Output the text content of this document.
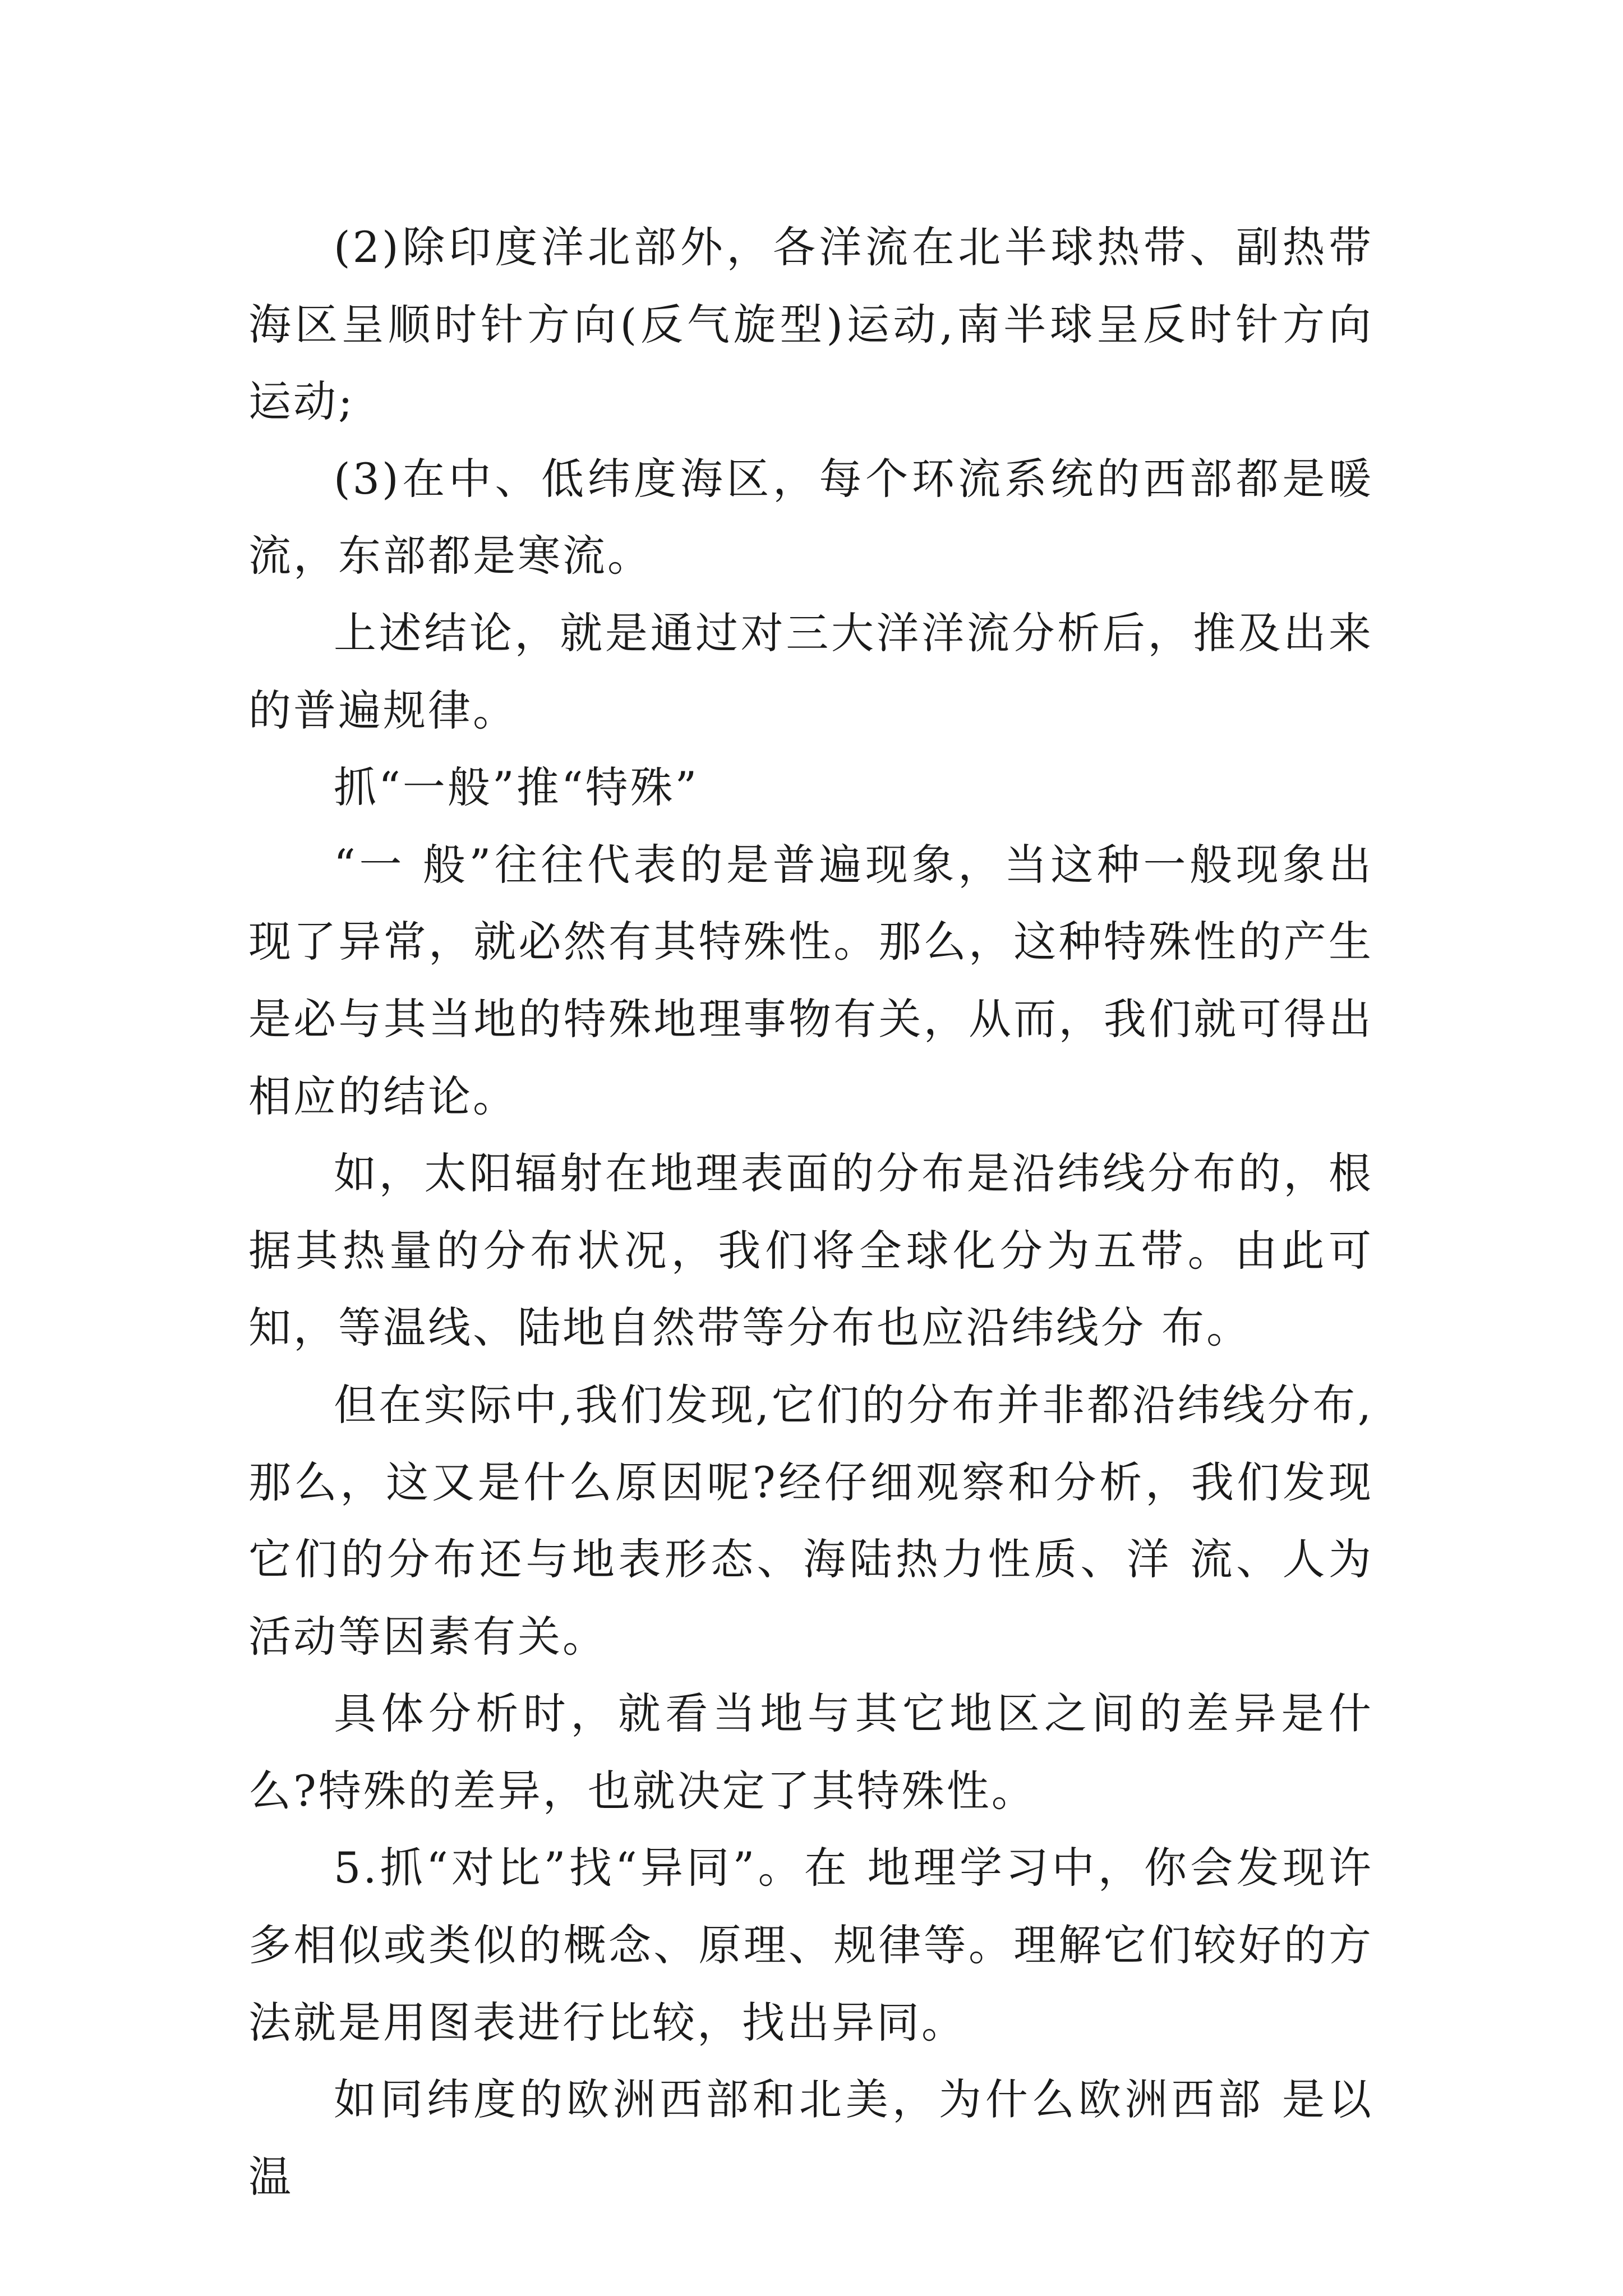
(2)除印度洋北部外，各洋流在北半球热带、副热带海区呈顺时针方向(反气旋型)运动,南半球呈反时针方向运动;

(3)在中、低纬度海区，每个环流系统的西部都是暖流，东部都是寒流。

上述结论，就是通过对三大洋洋流分析后，推及出来的普遍规律。

抓“一般”推“特殊”

“一 般”往往代表的是普遍现象，当这种一般现象出现了异常，就必然有其特殊性。那么，这种特殊性的产生是必与其当地的特殊地理事物有关，从而，我们就可得出相应的结论。

如，太阳辐射在地理表面的分布是沿纬线分布的，根据其热量的分布状况，我们将全球化分为五带。由此可知，等温线、陆地自然带等分布也应沿纬线分 布。

但在实际中,我们发现,它们的分布并非都沿纬线分布,那么，这又是什么原因呢?经仔细观察和分析，我们发现它们的分布还与地表形态、海陆热力性质、洋 流、人为活动等因素有关。

具体分析时，就看当地与其它地区之间的差异是什么?特殊的差异，也就决定了其特殊性。

5.抓“对比”找“异同”。在 地理学习中，你会发现许多相似或类似的概念、原理、规律等。理解它们较好的方法就是用图表进行比较，找出异同。

如同纬度的欧洲西部和北美，为什么欧洲西部 是以温
